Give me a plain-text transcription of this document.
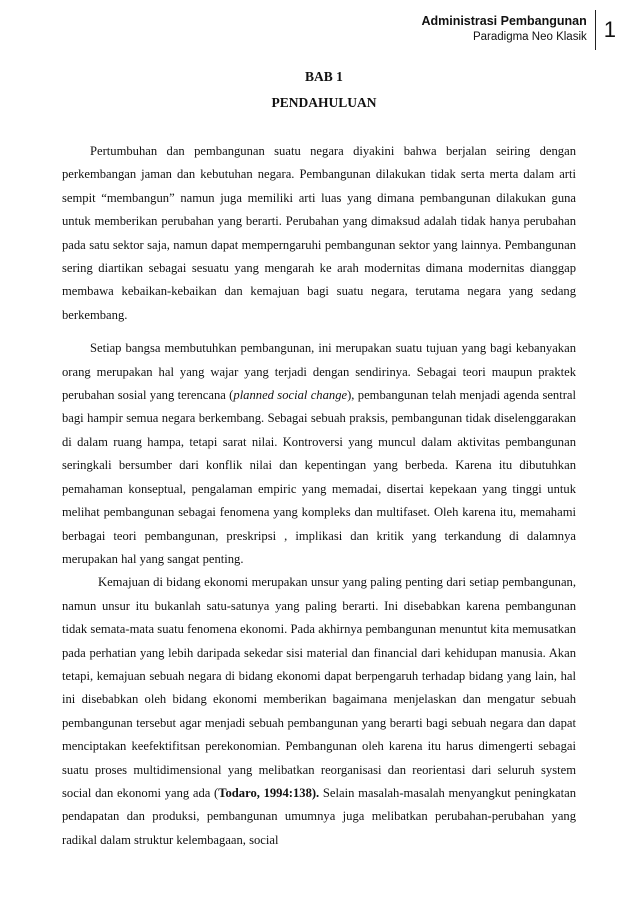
Administrasi Pembangunan
Paradigma Neo Klasik 1
BAB 1
PENDAHULUAN

Pertumbuhan dan pembangunan suatu negara diyakini bahwa berjalan seiring dengan perkembangan jaman dan kebutuhan negara. Pembangunan dilakukan tidak serta merta dalam arti sempit “membangun” namun juga memiliki arti luas yang dimana pembangunan dilakukan guna untuk memberikan perubahan yang berarti. Perubahan yang dimaksud adalah tidak hanya perubahan pada satu sektor saja, namun dapat memperngaruhi pembangunan sektor yang lainnya. Pembangunan sering diartikan sebagai sesuatu yang mengarah ke arah modernitas dimana modernitas dianggap membawa kebaikan-kebaikan dan kemajuan bagi suatu negara, terutama negara yang sedang berkembang.

Setiap bangsa membutuhkan pembangunan, ini merupakan suatu tujuan yang bagi kebanyakan orang merupakan hal yang wajar yang terjadi dengan sendirinya. Sebagai teori maupun praktek perubahan sosial yang terencana (planned social change), pembangunan telah menjadi agenda sentral bagi hampir semua negara berkembang. Sebagai sebuah praksis, pembangunan tidak diselenggarakan di dalam ruang hampa, tetapi sarat nilai. Kontroversi yang muncul dalam aktivitas pembangunan seringkali bersumber dari konflik nilai dan kepentingan yang berbeda. Karena itu dibutuhkan pemahaman konseptual, pengalaman empiric yang memadai, disertai kepekaan yang tinggi untuk melihat pembangunan sebagai fenomena yang kompleks dan multifaset. Oleh karena itu, memahami berbagai teori pembangunan, preskripsi , implikasi dan kritik yang terkandung di dalamnya merupakan hal yang sangat penting.

Kemajuan di bidang ekonomi merupakan unsur yang paling penting dari setiap pembangunan, namun unsur itu bukanlah satu-satunya yang paling berarti. Ini disebabkan karena pembangunan tidak semata-mata suatu fenomena ekonomi. Pada akhirnya pembangunan menuntut kita memusatkan pada perhatian yang lebih daripada sekedar sisi material dan financial dari kehidupan manusia. Akan tetapi, kemajuan sebuah negara di bidang ekonomi dapat berpengaruh terhadap bidang yang lain, hal ini disebabkan oleh bidang ekonomi memberikan bagaimana menjelaskan dan mengatur sebuah pembangunan tersebut agar menjadi sebuah pembangunan yang berarti bagi sebuah negara dan dapat menciptakan keefektifitsan perekonomian. Pembangunan oleh karena itu harus dimengerti sebagai suatu proses multidimensional yang melibatkan reorganisasi dan reorientasi dari seluruh system social dan ekonomi yang ada (Todaro, 1994:138). Selain masalah-masalah menyangkut peningkatan pendapatan dan produksi, pembangunan umumnya juga melibatkan perubahan-perubahan yang radikal dalam struktur kelembagaan, social
